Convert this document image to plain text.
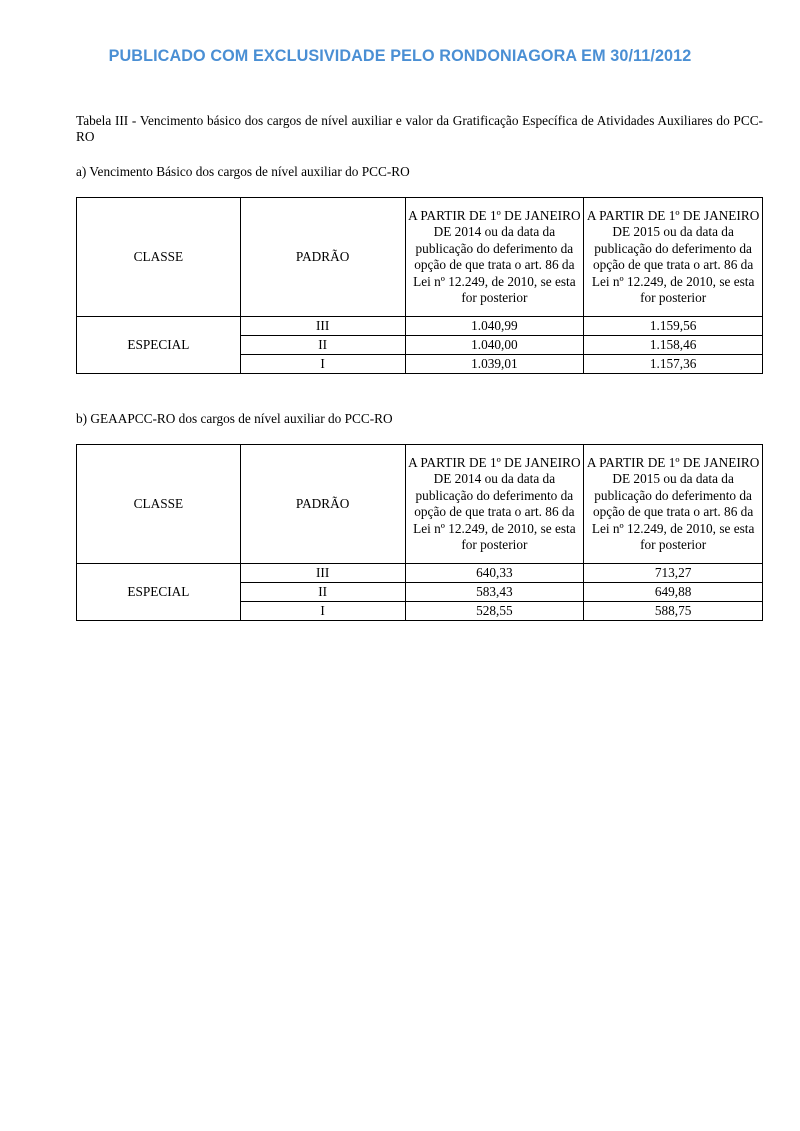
PUBLICADO COM EXCLUSIVIDADE PELO RONDONIAGORA EM 30/11/2012
Tabela III - Vencimento básico dos cargos de nível auxiliar e valor da Gratificação Específica de Atividades Auxiliares do PCC-RO
a) Vencimento Básico dos cargos de nível auxiliar do PCC-RO
CLASSE	PADRÃO	A PARTIR DE 1º DE JANEIRO DE 2014 ou da data da publicação do deferimento da opção de que trata o art. 86 da Lei nº 12.249, de 2010, se esta for posterior	A PARTIR DE 1º DE JANEIRO DE 2015 ou da data da publicação do deferimento da opção de que trata o art. 86 da Lei nº 12.249, de 2010, se esta for posterior
ESPECIAL	III	1.040,99	1.159,56
	II	1.040,00	1.158,46
	I	1.039,01	1.157,36
b) GEAAPCC-RO dos cargos de nível auxiliar do PCC-RO
CLASSE	PADRÃO	A PARTIR DE 1º DE JANEIRO DE 2014 ou da data da publicação do deferimento da opção de que trata o art. 86 da Lei nº 12.249, de 2010, se esta for posterior	A PARTIR DE 1º DE JANEIRO DE 2015 ou da data da publicação do deferimento da opção de que trata o art. 86 da Lei nº 12.249, de 2010, se esta for posterior
ESPECIAL	III	640,33	713,27
	II	583,43	649,88
	I	528,55	588,75
